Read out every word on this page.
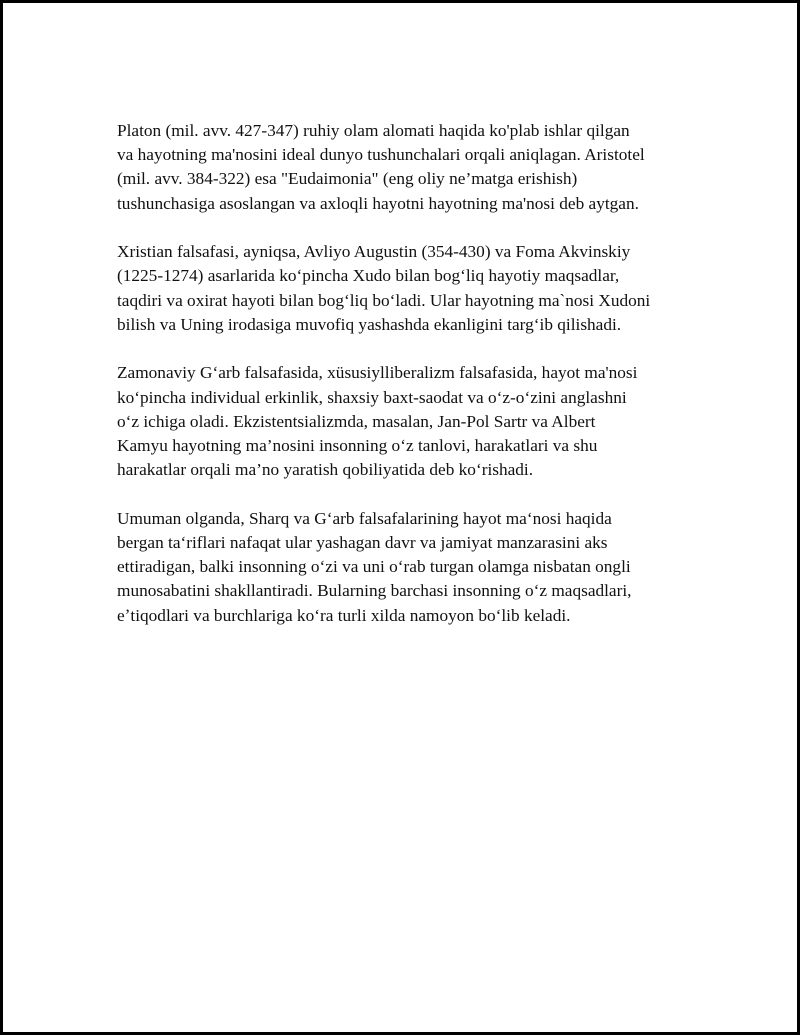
Platon (mil. avv. 427-347) ruhiy olam alomati haqida ko'plab ishlar qilgan
va hayotning ma'nosini ideal dunyo tushunchalari orqali aniqlagan. Aristotel
(mil. avv. 384-322) esa "Eudaimonia" (eng oliy ne’matga erishish)
tushunchasiga asoslangan va axloqli hayotni hayotning ma'nosi deb aytgan.

Xristian falsafasi, ayniqsa, Avliyo Augustin (354-430) va Foma Akvinskiy
(1225-1274) asarlarida koʻpincha Xudo bilan bogʻliq hayotiy maqsadlar,
taqdiri va oxirat hayoti bilan bogʻliq boʻladi. Ular hayotning ma`nosi Xudoni
bilish va Uning irodasiga muvofiq yashashda ekanligini targʻib qilishadi.

Zamonaviy Gʻarb falsafasida, xüsusiylliberalizm falsafasida, hayot ma'nosi
koʻpincha individual erkinlik, shaxsiy baxt-saodat va oʻz-oʻzini anglashni
oʻz ichiga oladi. Ekzistentsializmda, masalan, Jan-Pol Sartr va Albert
Kamyu hayotning ma’nosini insonning oʻz tanlovi, harakatlari va shu
harakatlar orqali ma’no yaratish qobiliyatida deb koʻrishadi.

Umuman olganda, Sharq va Gʻarb falsafalarining hayot maʻnosi haqida
bergan taʻriflari nafaqat ular yashagan davr va jamiyat manzarasini aks
ettiradigan, balki insonning oʻzi va uni oʻrab turgan olamga nisbatan ongli
munosabatini shakllantiradi. Bularning barchasi insonning oʻz maqsadlari,
eʼtiqodlari va burchlariga koʻra turli xilda namoyon boʻlib keladi.
